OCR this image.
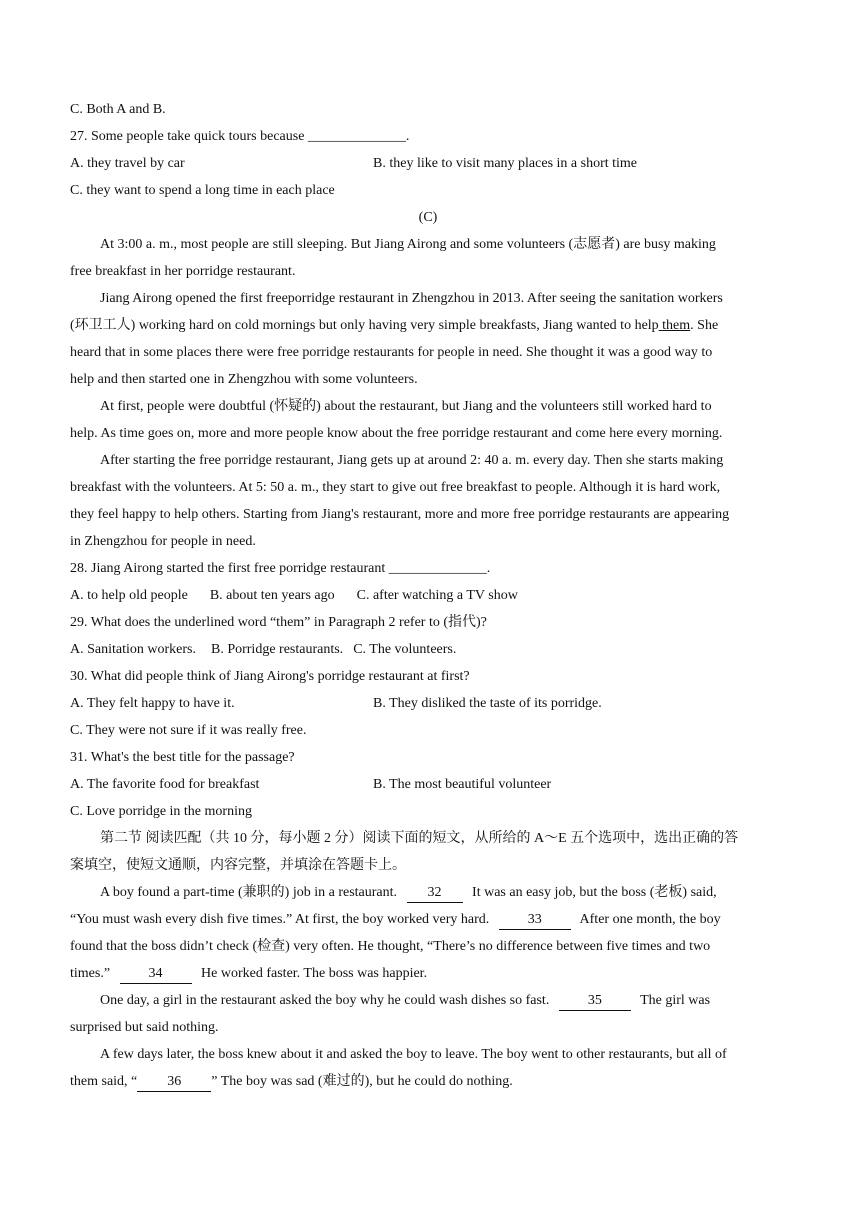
C. Both A and B.
27. Some people take quick tours because ______________.
A. they travel by car	B. they like to visit many places in a short time
C. they want to spend a long time in each place
(C)
At 3:00 a. m., most people are still sleeping. But Jiang Airong and some volunteers (志愿者) are busy making
free breakfast in her porridge restaurant.
Jiang Airong opened the first freeporridge restaurant in Zhengzhou in 2013. After seeing the sanitation workers
(环卫工人) working hard on cold mornings but only having very simple breakfasts, Jiang wanted to help them. She
heard that in some places there were free porridge restaurants for people in need. She thought it was a good way to
help and then started one in Zhengzhou with some volunteers.
At first, people were doubtful (怀疑的) about the restaurant, but Jiang and the volunteers still worked hard to
help. As time goes on, more and more people know about the free porridge restaurant and come here every morning.
After starting the free porridge restaurant, Jiang gets up at around 2: 40 a. m. every day. Then she starts making
breakfast with the volunteers. At 5: 50 a. m., they start to give out free breakfast to people. Although it is hard work,
they feel happy to help others. Starting from Jiang's restaurant, more and more free porridge restaurants are appearing
in Zhengzhou for people in need.
28. Jiang Airong started the first free porridge restaurant ______________.
A. to help old people B. about ten years ago C. after watching a TV show
29. What does the underlined word “them” in Paragraph 2 refer to (指代)?
A. Sanitation workers. B. Porridge restaurants. C. The volunteers.
30. What did people think of Jiang Airong's porridge restaurant at first?
A. They felt happy to have it.	B. They disliked the taste of its porridge.
C. They were not sure if it was really free.
31. What's the best title for the passage?
A. The favorite food for breakfast	B. The most beautiful volunteer
C. Love porridge in the morning
第二节 阅读匹配（共 10 分，每小题 2 分）阅读下面的短文，从所给的 A～E 五个选项中，选出正确的答
案填空，使短文通顺，内容完整，并填涂在答题卡上。
A boy found a part-time (兼职的) job in a restaurant. 32 It was an easy job, but the boss (老板) said,
“You must wash every dish five times.” At first, the boy worked very hard.	33	After one month, the boy
found that the boss didn’t check (检查) very often. He thought, “There’s no difference between five times and two
times.”	34	He worked faster. The boss was happier.
One day, a girl in the restaurant asked the boy why he could wash dishes so fast.	35	The girl was
surprised but said nothing.
A few days later, the boss knew about it and asked the boy to leave. The boy went to other restaurants, but all of
them said, “ 36 ” The boy was sad (难过的), but he could do nothing.
